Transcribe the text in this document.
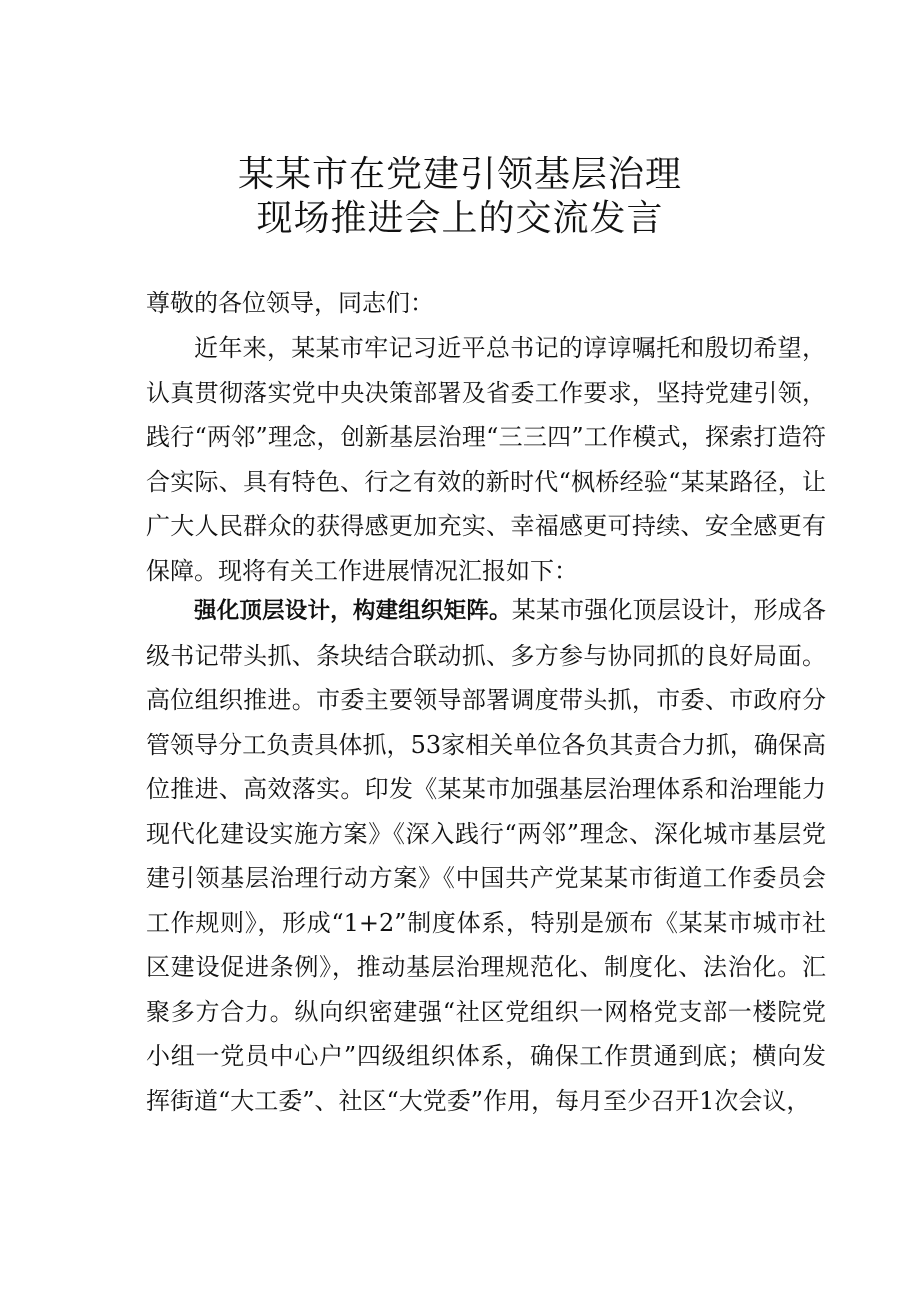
某某市在党建引领基层治理
现场推进会上的交流发言
尊敬的各位领导，同志们：
近年来，某某市牢记习近平总书记的谆谆嘱托和殷切希望，认真贯彻落实党中央决策部署及省委工作要求，坚持党建引领，践行“两邻”理念，创新基层治理“三三四”工作模式，探索打造符合实际、具有特色、行之有效的新时代“枫桥经验“某某路径，让广大人民群众的获得感更加充实、幸福感更可持续、安全感更有保障。现将有关工作进展情况汇报如下：
强化顶层设计，构建组织矩阵。某某市强化顶层设计，形成各级书记带头抓、条块结合联动抓、多方参与协同抓的良好局面。高位组织推进。市委主要领导部署调度带头抓，市委、市政府分管领导分工负责具体抓，53家相关单位各负其责合力抓，确保高位推进、高效落实。印发《某某市加强基层治理体系和治理能力现代化建设实施方案》《深入践行“两邻”理念、深化城市基层党建引领基层治理行动方案》《中国共产党某某市街道工作委员会工作规则》，形成“1+2”制度体系，特别是颁布《某某市城市社区建设促进条例》，推动基层治理规范化、制度化、法治化。汇聚多方合力。纵向织密建强“社区党组织一网格党支部一楼院党小组一党员中心户”四级组织体系，确保工作贯通到底；横向发挥街道“大工委”、社区“大党委”作用，每月至少召开1次会议，
